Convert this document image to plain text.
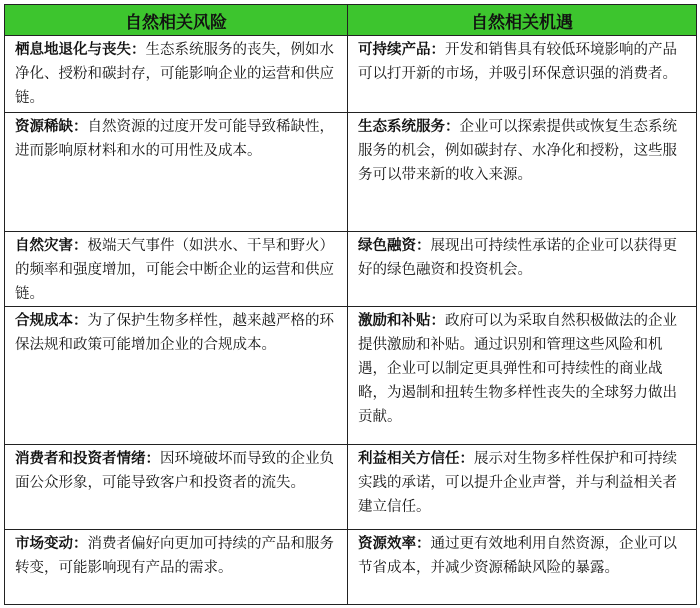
自然相关风险	自然相关机遇

栖息地退化与丧失：生态系统服务的丧失，例如水净化、授粉和碳封存，可能影响企业的运营和供应链。	可持续产品：开发和销售具有较低环境影响的产品可以打开新的市场，并吸引环保意识强的消费者。

资源稀缺：自然资源的过度开发可能导致稀缺性，进而影响原材料和水的可用性及成本。	生态系统服务：企业可以探索提供或恢复生态系统服务的机会，例如碳封存、水净化和授粉，这些服务可以带来新的收入来源。

自然灾害：极端天气事件（如洪水、干旱和野火）的频率和强度增加，可能会中断企业的运营和供应链。	绿色融资：展现出可持续性承诺的企业可以获得更好的绿色融资和投资机会。

合规成本：为了保护生物多样性，越来越严格的环保法规和政策可能增加企业的合规成本。	激励和补贴：政府可以为采取自然积极做法的企业提供激励和补贴。通过识别和管理这些风险和机遇，企业可以制定更具弹性和可持续性的商业战略，为遏制和扭转生物多样性丧失的全球努力做出贡献。

消费者和投资者情绪：因环境破坏而导致的企业负面公众形象，可能导致客户和投资者的流失。	利益相关方信任：展示对生物多样性保护和可持续实践的承诺，可以提升企业声誉，并与利益相关者建立信任。

市场变动：消费者偏好向更加可持续的产品和服务转变，可能影响现有产品的需求。	资源效率：通过更有效地利用自然资源，企业可以节省成本，并减少资源稀缺风险的暴露。
